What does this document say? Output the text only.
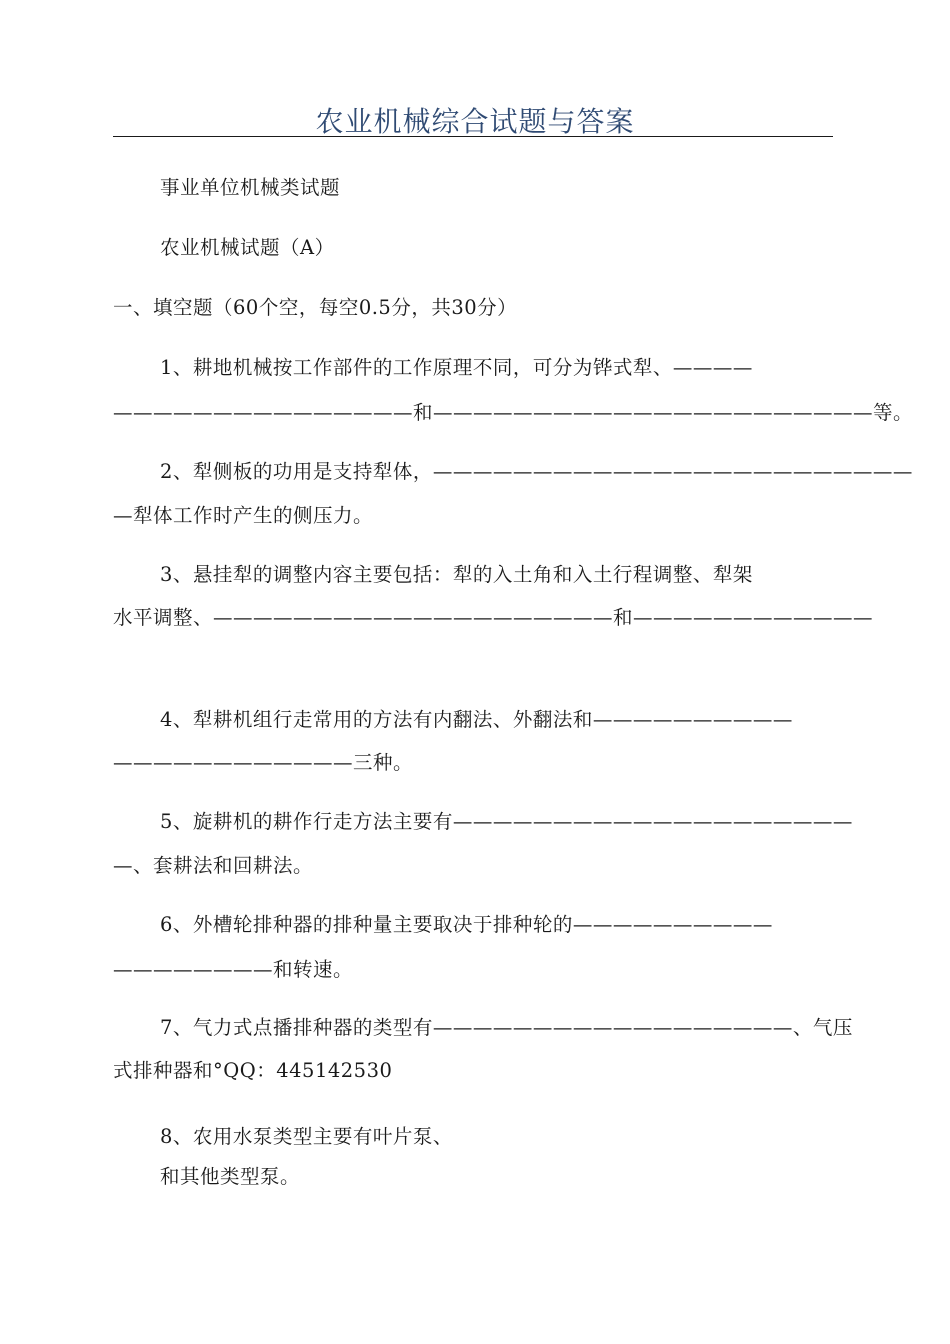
农业机械综合试题与答案
事业单位机械类试题
农业机械试题（A）
一、填空题（60个空，每空0.5分，共30分）
1、耕地机械按工作部件的工作原理不同，可分为铧式犁、————
———————————————和——————————————————————等。
2、犁侧板的功用是支持犁体，————————————————————————
—犁体工作时产生的侧压力。
3、悬挂犁的调整内容主要包括：犁的入土角和入土行程调整、犁架
水平调整、————————————————————和————————————
4、犁耕机组行走常用的方法有内翻法、外翻法和——————————
————————————三种。
5、旋耕机的耕作行走方法主要有————————————————————
—、套耕法和回耕法。
6、外槽轮排种器的排种量主要取决于排种轮的——————————
————————和转速。
7、气力式点播排种器的类型有——————————————————、气压
式排种器和°QQ：445142530
8、农用水泵类型主要有叶片泵、
和其他类型泵。
